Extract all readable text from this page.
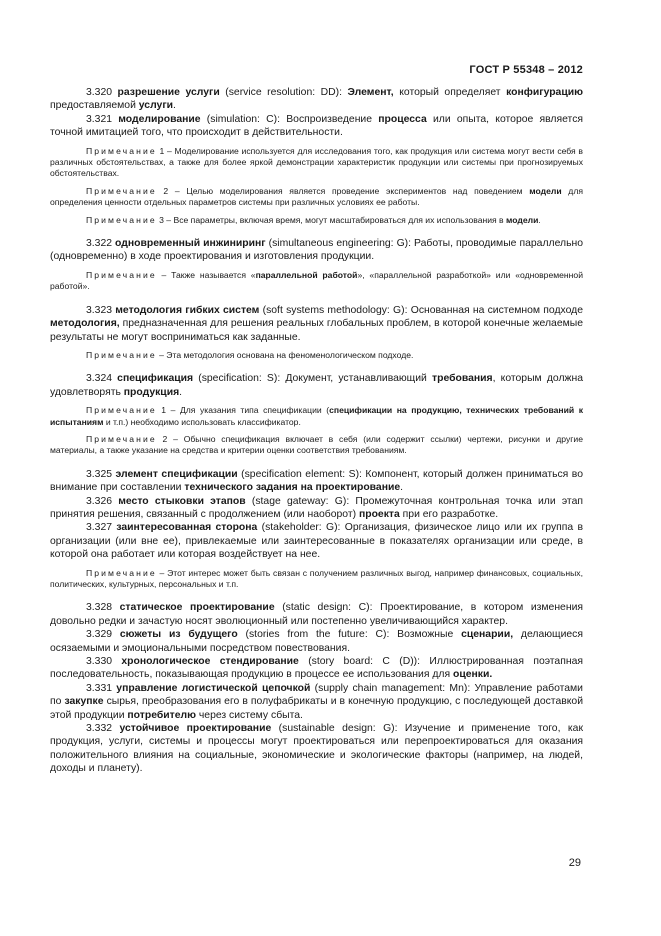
ГОСТ Р 55348 – 2012

3.320 разрешение услуги (service resolution: DD): Элемент, который определяет конфигурацию предоставляемой услуги.

3.321 моделирование (simulation: C): Воспроизведение процесса или опыта, которое является точной имитацией того, что происходит в действительности.

Примечание 1 – Моделирование используется для исследования того, как продукция или система могут вести себя в различных обстоятельствах, а также для более яркой демонстрации характеристик продукции или системы при прогнозируемых обстоятельствах.

Примечание 2 – Целью моделирования является проведение экспериментов над поведением модели для определения ценности отдельных параметров системы при различных условиях ее работы.

Примечание 3 – Все параметры, включая время, могут масштабироваться для их использования в модели.

3.322 одновременный инжиниринг (simultaneous engineering: G): Работы, проводимые параллельно (одновременно) в ходе проектирования и изготовления продукции.

Примечание – Также называется «параллельной работой», «параллельной разработкой» или «одновременной работой».

3.323 методология гибких систем (soft systems methodology: G): Основанная на системном подходе методология, предназначенная для решения реальных глобальных проблем, в которой конечные желаемые результаты не могут восприниматься как заданные.

Примечание – Эта методология основана на феноменологическом подходе.

3.324 спецификация (specification: S): Документ, устанавливающий требования, которым должна удовлетворять продукция.

Примечание 1 – Для указания типа спецификации (спецификации на продукцию, технических требований к испытаниям и т.п.) необходимо использовать классификатор.

Примечание 2 – Обычно спецификация включает в себя (или содержит ссылки) чертежи, рисунки и другие материалы, а также указание на средства и критерии оценки соответствия требованиям.

3.325 элемент спецификации (specification element: S): Компонент, который должен приниматься во внимание при составлении технического задания на проектирование.

3.326 место стыковки этапов (stage gateway: G): Промежуточная контрольная точка или этап принятия решения, связанный с продолжением (или наоборот) проекта при его разработке.

3.327 заинтересованная сторона (stakeholder: G): Организация, физическое лицо или их группа в организации (или вне ее), привлекаемые или заинтересованные в показателях организации или среде, в которой она работает или которая воздействует на нее.

Примечание – Этот интерес может быть связан с получением различных выгод, например финансовых, социальных, политических, культурных, персональных и т.п.

3.328 статическое проектирование (static design: C): Проектирование, в котором изменения довольно редки и зачастую носят эволюционный или постепенно увеличивающийся характер.

3.329 сюжеты из будущего (stories from the future: C): Возможные сценарии, делающиеся осязаемыми и эмоциональными посредством повествования.

3.330 хронологическое стендирование (story board: C (D)): Иллюстрированная поэтапная последовательность, показывающая продукцию в процессе ее использования для оценки.

3.331 управление логистической цепочкой (supply chain management: Mn): Управление работами по закупке сырья, преобразования его в полуфабрикаты и в конечную продукцию, с последующей доставкой этой продукции потребителю через систему сбыта.

3.332 устойчивое проектирование (sustainable design: G): Изучение и применение того, как продукция, услуги, системы и процессы могут проектироваться или перепроектироваться для оказания положительного влияния на социальные, экономические и экологические факторы (например, на людей, доходы и планету).

29
